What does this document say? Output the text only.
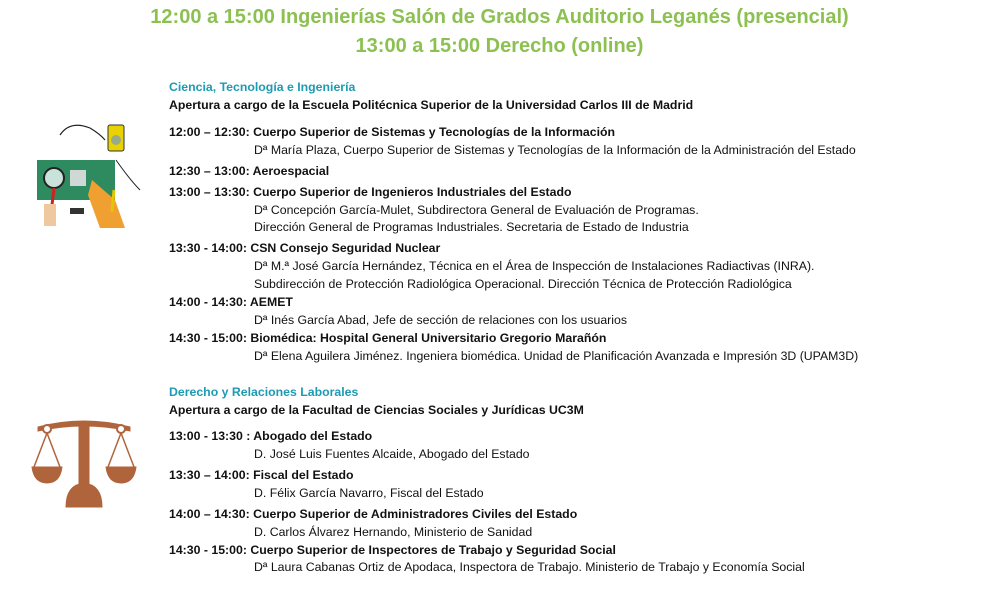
12:00 a 15:00 Ingenierías Salón de Grados Auditorio Leganés (presencial)
13:00 a 15:00 Derecho (online)
Ciencia, Tecnología e Ingeniería
Apertura a cargo de la Escuela Politécnica Superior de la Universidad Carlos III de Madrid
12:00 – 12:30: Cuerpo Superior de Sistemas y Tecnologías de la Información
Dª María Plaza, Cuerpo Superior de Sistemas y Tecnologías de la Información de la Administración del Estado
12:30 – 13:00: Aeroespacial
13:00 – 13:30: Cuerpo Superior de Ingenieros Industriales del Estado
Dª Concepción García-Mulet, Subdirectora General de Evaluación de Programas.
Dirección General de Programas Industriales. Secretaria de Estado de Industria
13:30 - 14:00: CSN Consejo Seguridad Nuclear
Dª M.ª José García Hernández, Técnica en el Área de Inspección de Instalaciones Radiactivas (INRA).
Subdirección de Protección Radiológica Operacional. Dirección Técnica de Protección Radiológica
14:00 - 14:30: AEMET
Dª Inés García Abad, Jefe de sección de relaciones con los usuarios
14:30 - 15:00: Biomédica: Hospital General Universitario Gregorio Marañón
Dª Elena Aguilera Jiménez. Ingeniera biomédica. Unidad de Planificación Avanzada e Impresión 3D (UPAM3D)
Derecho y Relaciones Laborales
Apertura a cargo de la Facultad de Ciencias Sociales y Jurídicas UC3M
13:00 - 13:30 : Abogado del Estado
D. José Luis Fuentes Alcaide, Abogado del Estado
13:30 – 14:00: Fiscal del Estado
D. Félix García Navarro, Fiscal del Estado
14:00 – 14:30: Cuerpo Superior de Administradores Civiles del Estado
D. Carlos Álvarez Hernando, Ministerio de Sanidad
14:30 - 15:00: Cuerpo Superior de Inspectores de Trabajo y Seguridad Social
Dª Laura Cabanas Ortiz de Apodaca, Inspectora de Trabajo. Ministerio de Trabajo y Economía Social
